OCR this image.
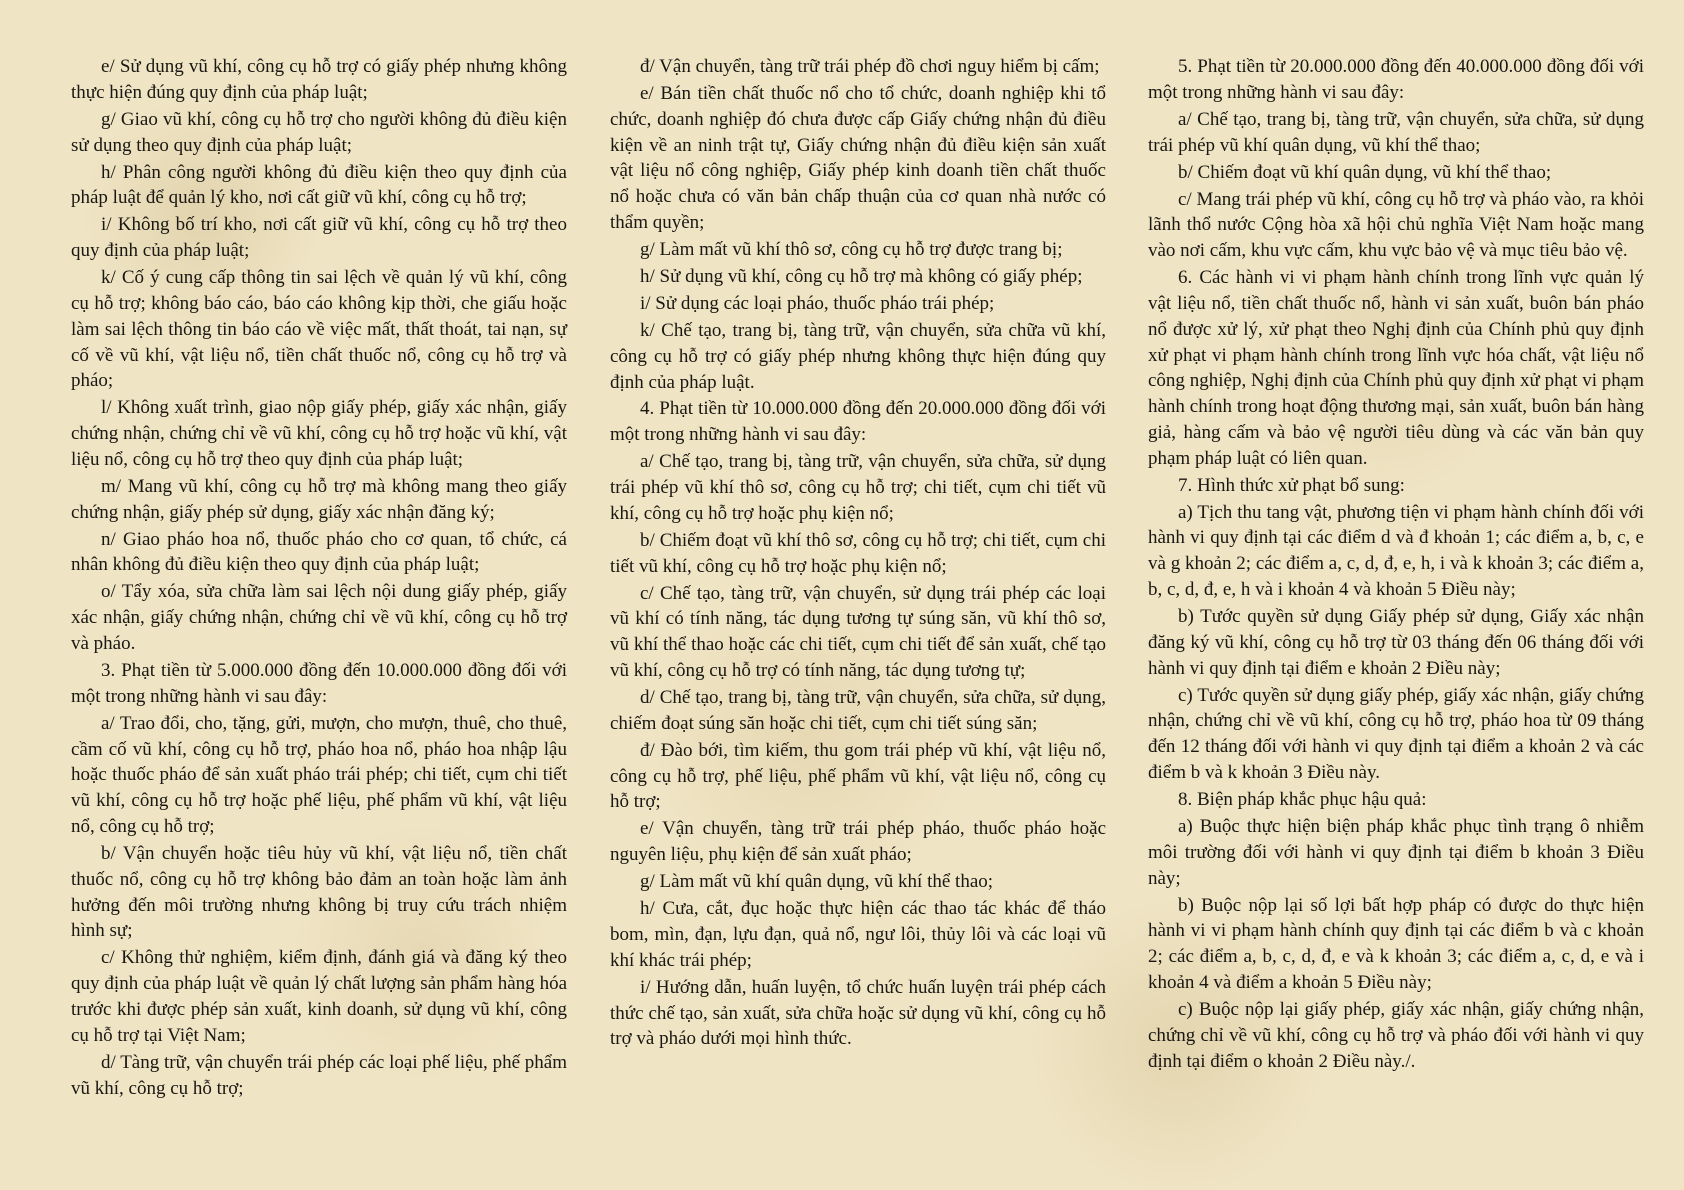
e/ Sử dụng vũ khí, công cụ hỗ trợ có giấy phép nhưng không thực hiện đúng quy định của pháp luật;

g/ Giao vũ khí, công cụ hỗ trợ cho người không đủ điều kiện sử dụng theo quy định của pháp luật;

h/ Phân công người không đủ điều kiện theo quy định của pháp luật để quản lý kho, nơi cất giữ vũ khí, công cụ hỗ trợ;

i/ Không bố trí kho, nơi cất giữ vũ khí, công cụ hỗ trợ theo quy định của pháp luật;

k/ Cố ý cung cấp thông tin sai lệch về quản lý vũ khí, công cụ hỗ trợ; không báo cáo, báo cáo không kịp thời, che giấu hoặc làm sai lệch thông tin báo cáo về việc mất, thất thoát, tai nạn, sự cố về vũ khí, vật liệu nổ, tiền chất thuốc nổ, công cụ hỗ trợ và pháo;

l/ Không xuất trình, giao nộp giấy phép, giấy xác nhận, giấy chứng nhận, chứng chỉ về vũ khí, công cụ hỗ trợ hoặc vũ khí, vật liệu nổ, công cụ hỗ trợ theo quy định của pháp luật;

m/ Mang vũ khí, công cụ hỗ trợ mà không mang theo giấy chứng nhận, giấy phép sử dụng, giấy xác nhận đăng ký;

n/ Giao pháo hoa nổ, thuốc pháo cho cơ quan, tổ chức, cá nhân không đủ điều kiện theo quy định của pháp luật;

o/ Tẩy xóa, sửa chữa làm sai lệch nội dung giấy phép, giấy xác nhận, giấy chứng nhận, chứng chỉ về vũ khí, công cụ hỗ trợ và pháo.

3. Phạt tiền từ 5.000.000 đồng đến 10.000.000 đồng đối với một trong những hành vi sau đây:

a/ Trao đổi, cho, tặng, gửi, mượn, cho mượn, thuê, cho thuê, cầm cố vũ khí, công cụ hỗ trợ, pháo hoa nổ, pháo hoa nhập lậu hoặc thuốc pháo để sản xuất pháo trái phép; chi tiết, cụm chi tiết vũ khí, công cụ hỗ trợ hoặc phế liệu, phế phẩm vũ khí, vật liệu nổ, công cụ hỗ trợ;

b/ Vận chuyển hoặc tiêu hủy vũ khí, vật liệu nổ, tiền chất thuốc nổ, công cụ hỗ trợ không bảo đảm an toàn hoặc làm ảnh hưởng đến môi trường nhưng không bị truy cứu trách nhiệm hình sự;

c/ Không thử nghiệm, kiểm định, đánh giá và đăng ký theo quy định của pháp luật về quản lý chất lượng sản phẩm hàng hóa trước khi được phép sản xuất, kinh doanh, sử dụng vũ khí, công cụ hỗ trợ tại Việt Nam;

d/ Tàng trữ, vận chuyển trái phép các loại phế liệu, phế phẩm vũ khí, công cụ hỗ trợ;

đ/ Vận chuyển, tàng trữ trái phép đồ chơi nguy hiểm bị cấm;

e/ Bán tiền chất thuốc nổ cho tổ chức, doanh nghiệp khi tổ chức, doanh nghiệp đó chưa được cấp Giấy chứng nhận đủ điều kiện về an ninh trật tự, Giấy chứng nhận đủ điều kiện sản xuất vật liệu nổ công nghiệp, Giấy phép kinh doanh tiền chất thuốc nổ hoặc chưa có văn bản chấp thuận của cơ quan nhà nước có thẩm quyền;

g/ Làm mất vũ khí thô sơ, công cụ hỗ trợ được trang bị;

h/ Sử dụng vũ khí, công cụ hỗ trợ mà không có giấy phép;

i/ Sử dụng các loại pháo, thuốc pháo trái phép;

k/ Chế tạo, trang bị, tàng trữ, vận chuyển, sửa chữa vũ khí, công cụ hỗ trợ có giấy phép nhưng không thực hiện đúng quy định của pháp luật.

4. Phạt tiền từ 10.000.000 đồng đến 20.000.000 đồng đối với một trong những hành vi sau đây:

a/ Chế tạo, trang bị, tàng trữ, vận chuyển, sửa chữa, sử dụng trái phép vũ khí thô sơ, công cụ hỗ trợ; chi tiết, cụm chi tiết vũ khí, công cụ hỗ trợ hoặc phụ kiện nổ;

b/ Chiếm đoạt vũ khí thô sơ, công cụ hỗ trợ; chi tiết, cụm chi tiết vũ khí, công cụ hỗ trợ hoặc phụ kiện nổ;

c/ Chế tạo, tàng trữ, vận chuyển, sử dụng trái phép các loại vũ khí có tính năng, tác dụng tương tự súng săn, vũ khí thô sơ, vũ khí thể thao hoặc các chi tiết, cụm chi tiết để sản xuất, chế tạo vũ khí, công cụ hỗ trợ có tính năng, tác dụng tương tự;

d/ Chế tạo, trang bị, tàng trữ, vận chuyển, sửa chữa, sử dụng, chiếm đoạt súng săn hoặc chi tiết, cụm chi tiết súng săn;

đ/ Đào bới, tìm kiếm, thu gom trái phép vũ khí, vật liệu nổ, công cụ hỗ trợ, phế liệu, phế phẩm vũ khí, vật liệu nổ, công cụ hỗ trợ;

e/ Vận chuyển, tàng trữ trái phép pháo, thuốc pháo hoặc nguyên liệu, phụ kiện để sản xuất pháo;

g/ Làm mất vũ khí quân dụng, vũ khí thể thao;

h/ Cưa, cắt, đục hoặc thực hiện các thao tác khác để tháo bom, mìn, đạn, lựu đạn, quả nổ, ngư lôi, thủy lôi và các loại vũ khí khác trái phép;

i/ Hướng dẫn, huấn luyện, tổ chức huấn luyện trái phép cách thức chế tạo, sản xuất, sửa chữa hoặc sử dụng vũ khí, công cụ hỗ trợ và pháo dưới mọi hình thức.

5. Phạt tiền từ 20.000.000 đồng đến 40.000.000 đồng đối với một trong những hành vi sau đây:

a/ Chế tạo, trang bị, tàng trữ, vận chuyển, sửa chữa, sử dụng trái phép vũ khí quân dụng, vũ khí thể thao;

b/ Chiếm đoạt vũ khí quân dụng, vũ khí thể thao;

c/ Mang trái phép vũ khí, công cụ hỗ trợ và pháo vào, ra khỏi lãnh thổ nước Cộng hòa xã hội chủ nghĩa Việt Nam hoặc mang vào nơi cấm, khu vực cấm, khu vực bảo vệ và mục tiêu bảo vệ.

6. Các hành vi vi phạm hành chính trong lĩnh vực quản lý vật liệu nổ, tiền chất thuốc nổ, hành vi sản xuất, buôn bán pháo nổ được xử lý, xử phạt theo Nghị định của Chính phủ quy định xử phạt vi phạm hành chính trong lĩnh vực hóa chất, vật liệu nổ công nghiệp, Nghị định của Chính phủ quy định xử phạt vi phạm hành chính trong hoạt động thương mại, sản xuất, buôn bán hàng giả, hàng cấm và bảo vệ người tiêu dùng và các văn bản quy phạm pháp luật có liên quan.

7. Hình thức xử phạt bổ sung:

a) Tịch thu tang vật, phương tiện vi phạm hành chính đối với hành vi quy định tại các điểm d và đ khoản 1; các điểm a, b, c, e và g khoản 2; các điểm a, c, d, đ, e, h, i và k khoản 3; các điểm a, b, c, d, đ, e, h và i khoản 4 và khoản 5 Điều này;

b) Tước quyền sử dụng Giấy phép sử dụng, Giấy xác nhận đăng ký vũ khí, công cụ hỗ trợ từ 03 tháng đến 06 tháng đối với hành vi quy định tại điểm e khoản 2 Điều này;

c) Tước quyền sử dụng giấy phép, giấy xác nhận, giấy chứng nhận, chứng chỉ về vũ khí, công cụ hỗ trợ, pháo hoa từ 09 tháng đến 12 tháng đối với hành vi quy định tại điểm a khoản 2 và các điểm b và k khoản 3 Điều này.

8. Biện pháp khắc phục hậu quả:

a) Buộc thực hiện biện pháp khắc phục tình trạng ô nhiễm môi trường đối với hành vi quy định tại điểm b khoản 3 Điều này;

b) Buộc nộp lại số lợi bất hợp pháp có được do thực hiện hành vi vi phạm hành chính quy định tại các điểm b và c khoản 2; các điểm a, b, c, d, đ, e và k khoản 3; các điểm a, c, d, e và i khoản 4 và điểm a khoản 5 Điều này;

c) Buộc nộp lại giấy phép, giấy xác nhận, giấy chứng nhận, chứng chỉ về vũ khí, công cụ hỗ trợ và pháo đối với hành vi quy định tại điểm o khoản 2 Điều này./.
